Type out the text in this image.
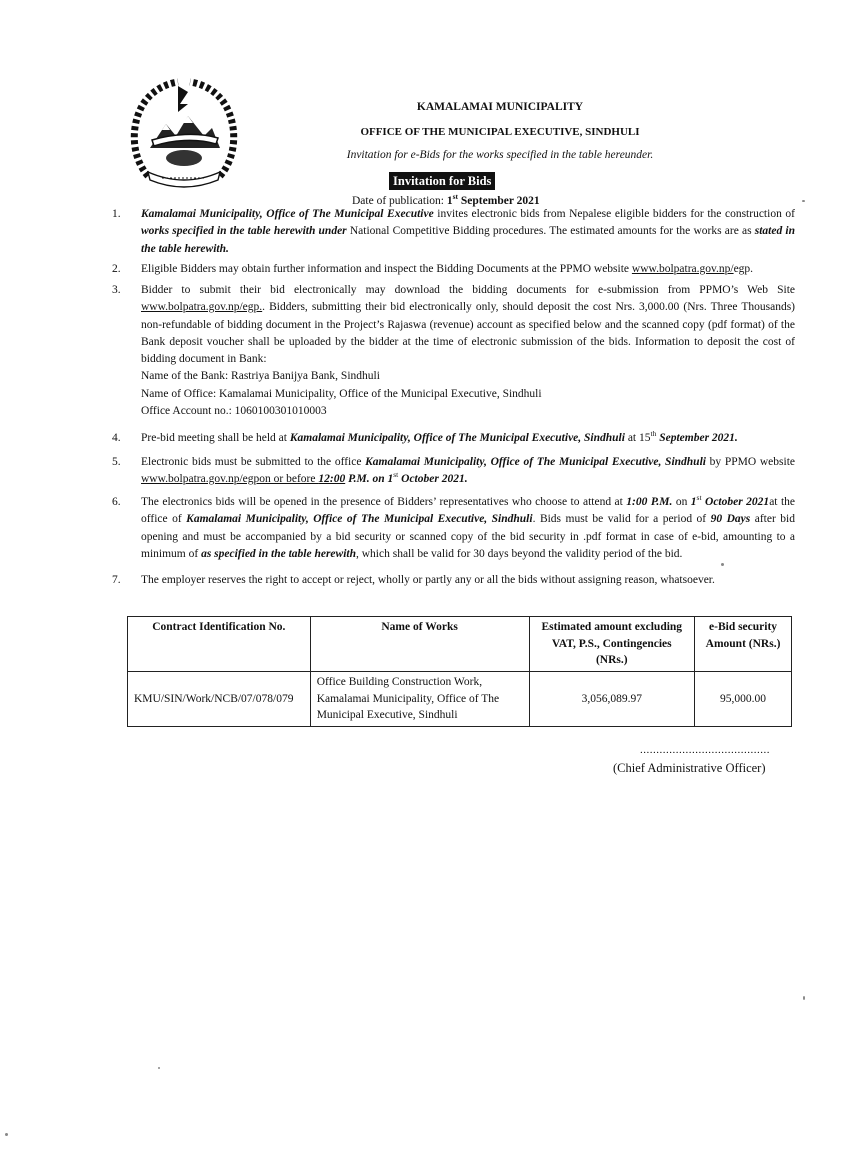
KAMALAMAI MUNICIPALITY
OFFICE OF THE MUNICIPAL EXECUTIVE, SINDHULI
Invitation for e-Bids for the works specified in the table hereunder.
Invitation for Bids
Date of publication: 1st September 2021
1.	Kamalamai Municipality, Office of The Municipal Executive invites electronic bids from Nepalese eligible bidders for the construction of works specified in the table herewith under National Competitive Bidding procedures. The estimated amounts for the works are as stated in the table herewith.
2.	Eligible Bidders may obtain further information and inspect the Bidding Documents at the PPMO website www.bolpatra.gov.np/egp.
3.	Bidder to submit their bid electronically may download the bidding documents for e-submission from PPMO’s Web Site www.bolpatra.gov.np/egp.. Bidders, submitting their bid electronically only, should deposit the cost Nrs. 3,000.00 (Nrs. Three Thousands) non-refundable of bidding document in the Project’s Rajaswa (revenue) account as specified below and the scanned copy (pdf format) of the Bank deposit voucher shall be uploaded by the bidder at the time of electronic submission of the bids. Information to deposit the cost of bidding document in Bank:
Name of the Bank: Rastriya Banijya Bank, Sindhuli
Name of Office: Kamalamai Municipality, Office of the Municipal Executive, Sindhuli
Office Account no.: 1060100301010003
4.	Pre-bid meeting shall be held at Kamalamai Municipality, Office of The Municipal Executive, Sindhuli at 15th September 2021.
5.	Electronic bids must be submitted to the office Kamalamai Municipality, Office of The Municipal Executive, Sindhuli by PPMO website www.bolpatra.gov.np/egpon or before 12:00 P.M. on 1st October 2021.
6.	The electronics bids will be opened in the presence of Bidders’ representatives who choose to attend at 1:00 P.M. on 1st October 2021at the office of Kamalamai Municipality, Office of The Municipal Executive, Sindhuli. Bids must be valid for a period of 90 Days after bid opening and must be accompanied by a bid security or scanned copy of the bid security in .pdf format in case of e-bid, amounting to a minimum of as specified in the table herewith, which shall be valid for 30 days beyond the validity period of the bid.
7.	The employer reserves the right to accept or reject, wholly or partly any or all the bids without assigning reason, whatsoever.
Contract Identification No.	Name of Works	Estimated amount excluding VAT, P.S., Contingencies (NRs.)	e-Bid security Amount (NRs.)
KMU/SIN/Work/NCB/07/078/079	Office Building Construction Work, Kamalamai Municipality, Office of The Municipal Executive, Sindhuli	3,056,089.97	95,000.00
........................................
(Chief Administrative Officer)
